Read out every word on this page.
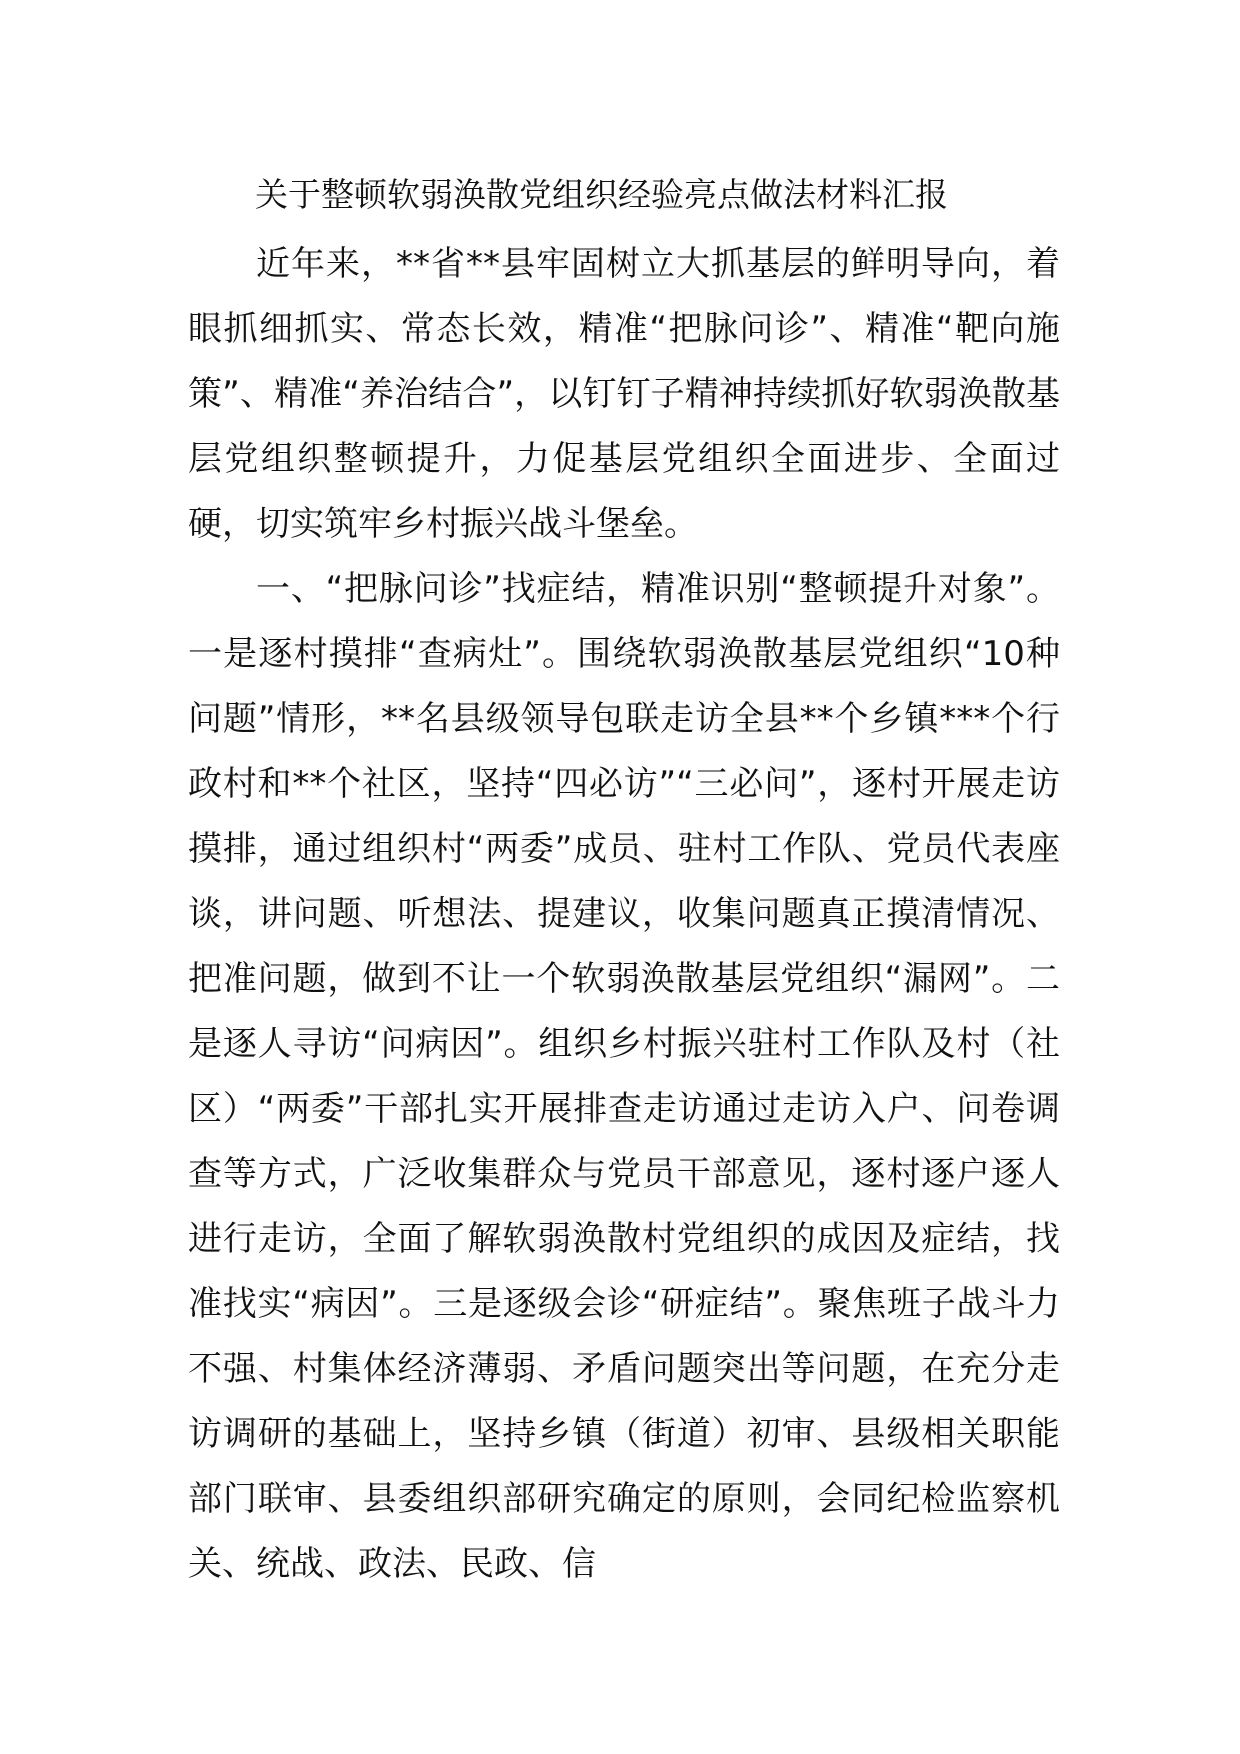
关于整顿软弱涣散党组织经验亮点做法材料汇报

近年来，**省**县牢固树立大抓基层的鲜明导向，着眼抓细抓实、常态长效，精准“把脉问诊”、精准“靶向施策”、精准“养治结合”，以钉钉子精神持续抓好软弱涣散基层党组织整顿提升，力促基层党组织全面进步、全面过硬，切实筑牢乡村振兴战斗堡垒。

一、“把脉问诊”找症结，精准识别“整顿提升对象”。一是逐村摸排“查病灶”。围绕软弱涣散基层党组织“10种问题”情形，**名县级领导包联走访全县**个乡镇***个行政村和**个社区，坚持“四必访”“三必问”，逐村开展走访摸排，通过组织村“两委”成员、驻村工作队、党员代表座谈，讲问题、听想法、提建议，收集问题真正摸清情况、把准问题，做到不让一个软弱涣散基层党组织“漏网”。二是逐人寻访“问病因”。组织乡村振兴驻村工作队及村（社区）“两委”干部扎实开展排查走访通过走访入户、问卷调查等方式，广泛收集群众与党员干部意见，逐村逐户逐人进行走访，全面了解软弱涣散村党组织的成因及症结，找准找实“病因”。三是逐级会诊“研症结”。聚焦班子战斗力不强、村集体经济薄弱、矛盾问题突出等问题，在充分走访调研的基础上，坚持乡镇（街道）初审、县级相关职能部门联审、县委组织部研究确定的原则，会同纪检监察机关、统战、政法、民政、信
